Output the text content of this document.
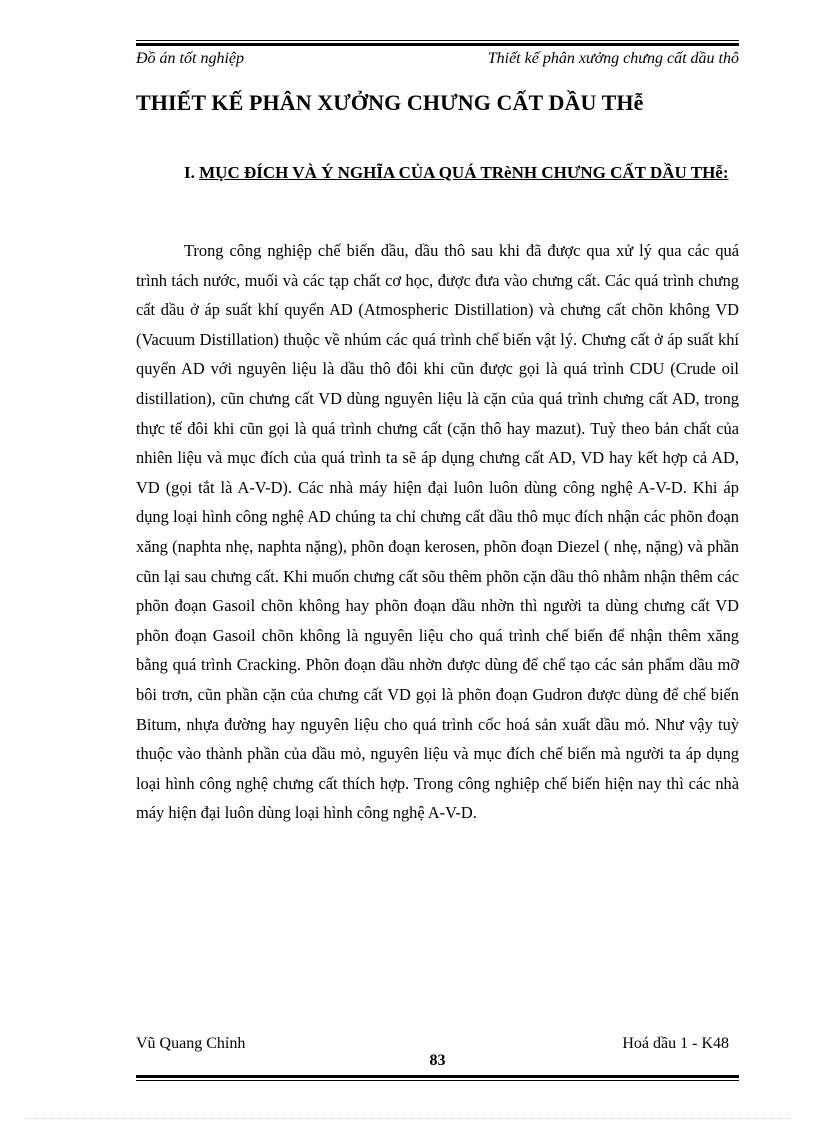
Đồ án tốt nghiệp	Thiết kế phân xưởng chưng cất dầu thô
THIẾT KẾ PHÂN XƯỞNG CHƯNG CẤT DẦU THễ
I. MỤC ĐÍCH VÀ Ý NGHĨA CỦA QUÁ TRèNH CHƯNG CẤT DẦU THễ:

Trong công nghiệp chế biến dầu, dầu thô sau khi đã được qua xử lý qua các quá trình tách nước, muối và các tạp chất cơ học, được đưa vào chưng cất. Các quá trình chưng cất dầu ở áp suất khí quyển AD (Atmospheric Distillation) và chưng cất chõn không VD (Vacuum Distillation) thuộc về nhúm các quá trình chế biến vật lý. Chưng cất ở áp suất khí quyển AD với nguyên liệu là dầu thô đôi khi cũn được gọi là quá trình CDU (Crude oil distillation), cũn chưng cất VD dùng nguyên liệu là cặn của quá trình chưng cất AD, trong thực tế đôi khi cũn gọi là quá trình chưng cất (cặn thô hay mazut). Tuỳ theo bản chất của nhiên liệu và mục đích của quá trình ta sẽ áp dụng chưng cất AD, VD hay kết hợp cả AD, VD (gọi tắt là A-V-D). Các nhà máy hiện đại luôn luôn dùng công nghệ A-V-D. Khi áp dụng loại hình công nghệ AD chúng ta chỉ chưng cất dầu thô mục đích nhận các phõn đoạn xăng (naphta nhẹ, naphta nặng), phõn đoạn kerosen, phõn đoạn Diezel ( nhẹ, nặng) và phần cũn lại sau chưng cất. Khi muốn chưng cất sõu thêm phõn cặn dầu thô nhằm nhận thêm các phõn đoạn Gasoil chõn không hay phõn đoạn dầu nhờn thì người ta dùng chưng cất VD phõn đoạn Gasoil chõn không là nguyên liệu cho quá trình chế biến để nhận thêm xăng bằng quá trình Cracking. Phõn đoạn dầu nhờn được dùng để chế tạo các sản phẩm dầu mỡ bôi trơn, cũn phần cặn của chưng cất VD gọi là phõn đoạn Gudron được dùng để chế biến Bitum, nhựa đường hay nguyên liệu cho quá trình cốc hoá sản xuất dầu mỏ. Như vậy tuỳ thuộc vào thành phần của dầu mỏ, nguyên liệu và mục đích chế biến mà người ta áp dụng loại hình công nghệ chưng cất thích hợp. Trong công nghiệp chế biến hiện nay thì các nhà máy hiện đại luôn dùng loại hình công nghệ A-V-D.

Vũ Quang Chỉnh	Hoá dầu 1 - K48
83
